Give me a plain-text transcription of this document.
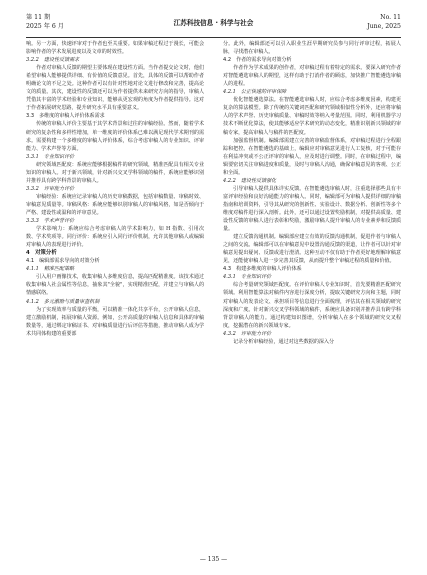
第 11 期
2025 年 6 月	江苏科技信息 · 科学与社会
No. 11
June, 2025

响。另一方面，快速评审对于作者也至关重要。如果审稿过程过于漫长，可能会影响作者的学术发展进度以及文章的时效性。

3.2.2　建设性反馈需求

作者对审稿人反馈的期望主要体现在建设性方面。当作者提交论文时，他们希望审稿人能够提供详细、有价值的反馈意见。首先，具体的反馈可以帮助作者明确论文的不足之处。这种作者可以有针对性地对论文进行修改和完善，提高论文的质量。其次，建设性的反馈还可以为作者提供未来研究方向的指导，审稿人凭借其丰富的学术经验和专业知识，能够从更宏观的角度为作者提供指导。这对于作者拓展研究思路，提升研究水平具有重要意义。

3.3　多维度的审稿人评价体系需求

传统的审稿人评价主要基于其学术背景和过往的审稿经验。然而，随着学术研究的复杂性和多样性增加，单一维度的评价体系已难以满足现代学术期刊的需求。需要构建一个多维度的审稿人评价体系，综合考虑审稿人的专业知识、评审能力、学术声誉等方面。

3.3.1　专业知识评价

研究领域匹配度：系统应能够根据稿件的研究领域，精准匹配具有相关专业知识的审稿人。对于新兴领域，针对新兴交叉学科领域的稿件，系统应能够识别并推荐具有跨学科背景的审稿人。

3.3.2　评审能力评价

审稿经验：系统应记录审稿人的历史审稿数据，包括审稿数量、审稿时效、审稿意见质量等。审稿风格：系统应能够识别审稿人的审稿风格，如是否倾向于严格、建设性或温和的评审意见。

3.3.3　学术声誉评价

学术影响力：系统应综合考虑审稿人的学术影响力，如 H 指数、引用次数、学术奖项等。同行评价：系统应引入同行评价机制，允许其他审稿人或编辑对审稿人的表现进行评价。

4　对策分析
4.1　编辑部需求导向的对策分析
4.1.1　精准匹配策略

引入用户画像技术，收集审稿人多维度信息，提高匹配精准度。该技术通过收集审稿人社会属性等信息，抽象其"全貌"，实现精准匹配，并建立与审稿人的情感联络。

4.1.2　多元激励与质量审查机制

为了实现效率与质量的平衡，可以精准一体化共享平台，公开审稿人信息，建立激励机制，拓展审稿人资源。例如，公开高质量的审稿人信息和具体的审稿数量等，通过绑定审稿证书、对审稿质量进行后评估等措施，推动审稿人成为学术共同体构建的重要部

分。此外，编辑部还可以引入职业生涯早期研究员参与同行评审过程，拓展人脉，寻找潜在审稿人。

4.2　作者的需求导向对策分析

作者作为学术成果的创作者，对审稿过程有着特定的需求。要深入研究作者对智能遴选审稿人的期望，这样有助于打消作者的顾虑，加快推广智能遴选审稿人的进程。

4.2.1　公正快速的评审保障

优化智能遴选算法。在智能遴选审稿人时，应综合考虑多维度因素，构建更复杂的算法模型。除了传统的关键词匹配和研究领域相似性分析外，还应将审稿人的学术声誉、历史审稿质量、审稿时效等纳入考量范围。同时，利用机器学习技术不断优化算法，使其能够适应学术研究的动态变化，精准识别新兴领域的审稿专家，提高审稿人与稿件的匹配度。

加强监督机制。编辑部需建立完善的审稿监督体系，对审稿过程进行全程跟踪和把控。在智能遴选的基础上，编辑应对审稿意见进行人工复核，对于可能存在利益冲突或不公正评审的审稿人，应及时进行调整。同时，在审稿过程中，编辑要密切关注审稿进度和质量，及时与审稿人沟通，确保审稿意见的客观、公正和全面。

4.2.2　建设性反馈强化

引导审稿人提供具体详实反馈。在智能遴选审稿人时，注重选择那些具有丰富评审经验和良好沟通能力的审稿人。同时，编辑部可为审稿人提供详细的审稿指南和培训资料，引导其从研究的创新性、实验设计、数据分析、创新性等多个维度对稿件进行深入剖析。此外，还可以通过设置奖励机制，对提供高质量、建设性反馈的审稿人进行表彰和奖励，激励审稿人提升审稿人的专业素养和反馈质量。

建立反馈沟通机制。编辑部应建立有效的反馈沟通机制，促进作者与审稿人之间的交流。编辑部可以在审稿意见中设置沟通反馈的渠道，让作者可以针对审稿意见提出疑问、反馈或进行澄清。这种互动不仅有助于作者更好地理解审稿意见，还能使审稿人进一步完善其反馈，从而提升整个审稿过程的质量和价值。

4.3　构建多维度的审稿人评价体系
4.3.1　专业知识评价

综合考量研究领域匹配度。在评价审稿人专业知识时，首先要精准匹配研究领域。利用智能算法对稿件内容进行深度分析，提取关键研究方向和主题，同时对审稿人的发表论文、承担项目等信息进行全面梳理，评估其在相关领域的研究深度和广度。针对新兴交叉学科领域的稿件，系统应具备识别并推荐具有跨学科背景审稿人的能力。通过构建知识图谱，分析审稿人在多个领域的研究交叉程度，挖掘潜在的新兴领域专家。

4.3.2　评审能力评价

记录分析审稿经验，通过对这些数据的深入分

— 135 —
